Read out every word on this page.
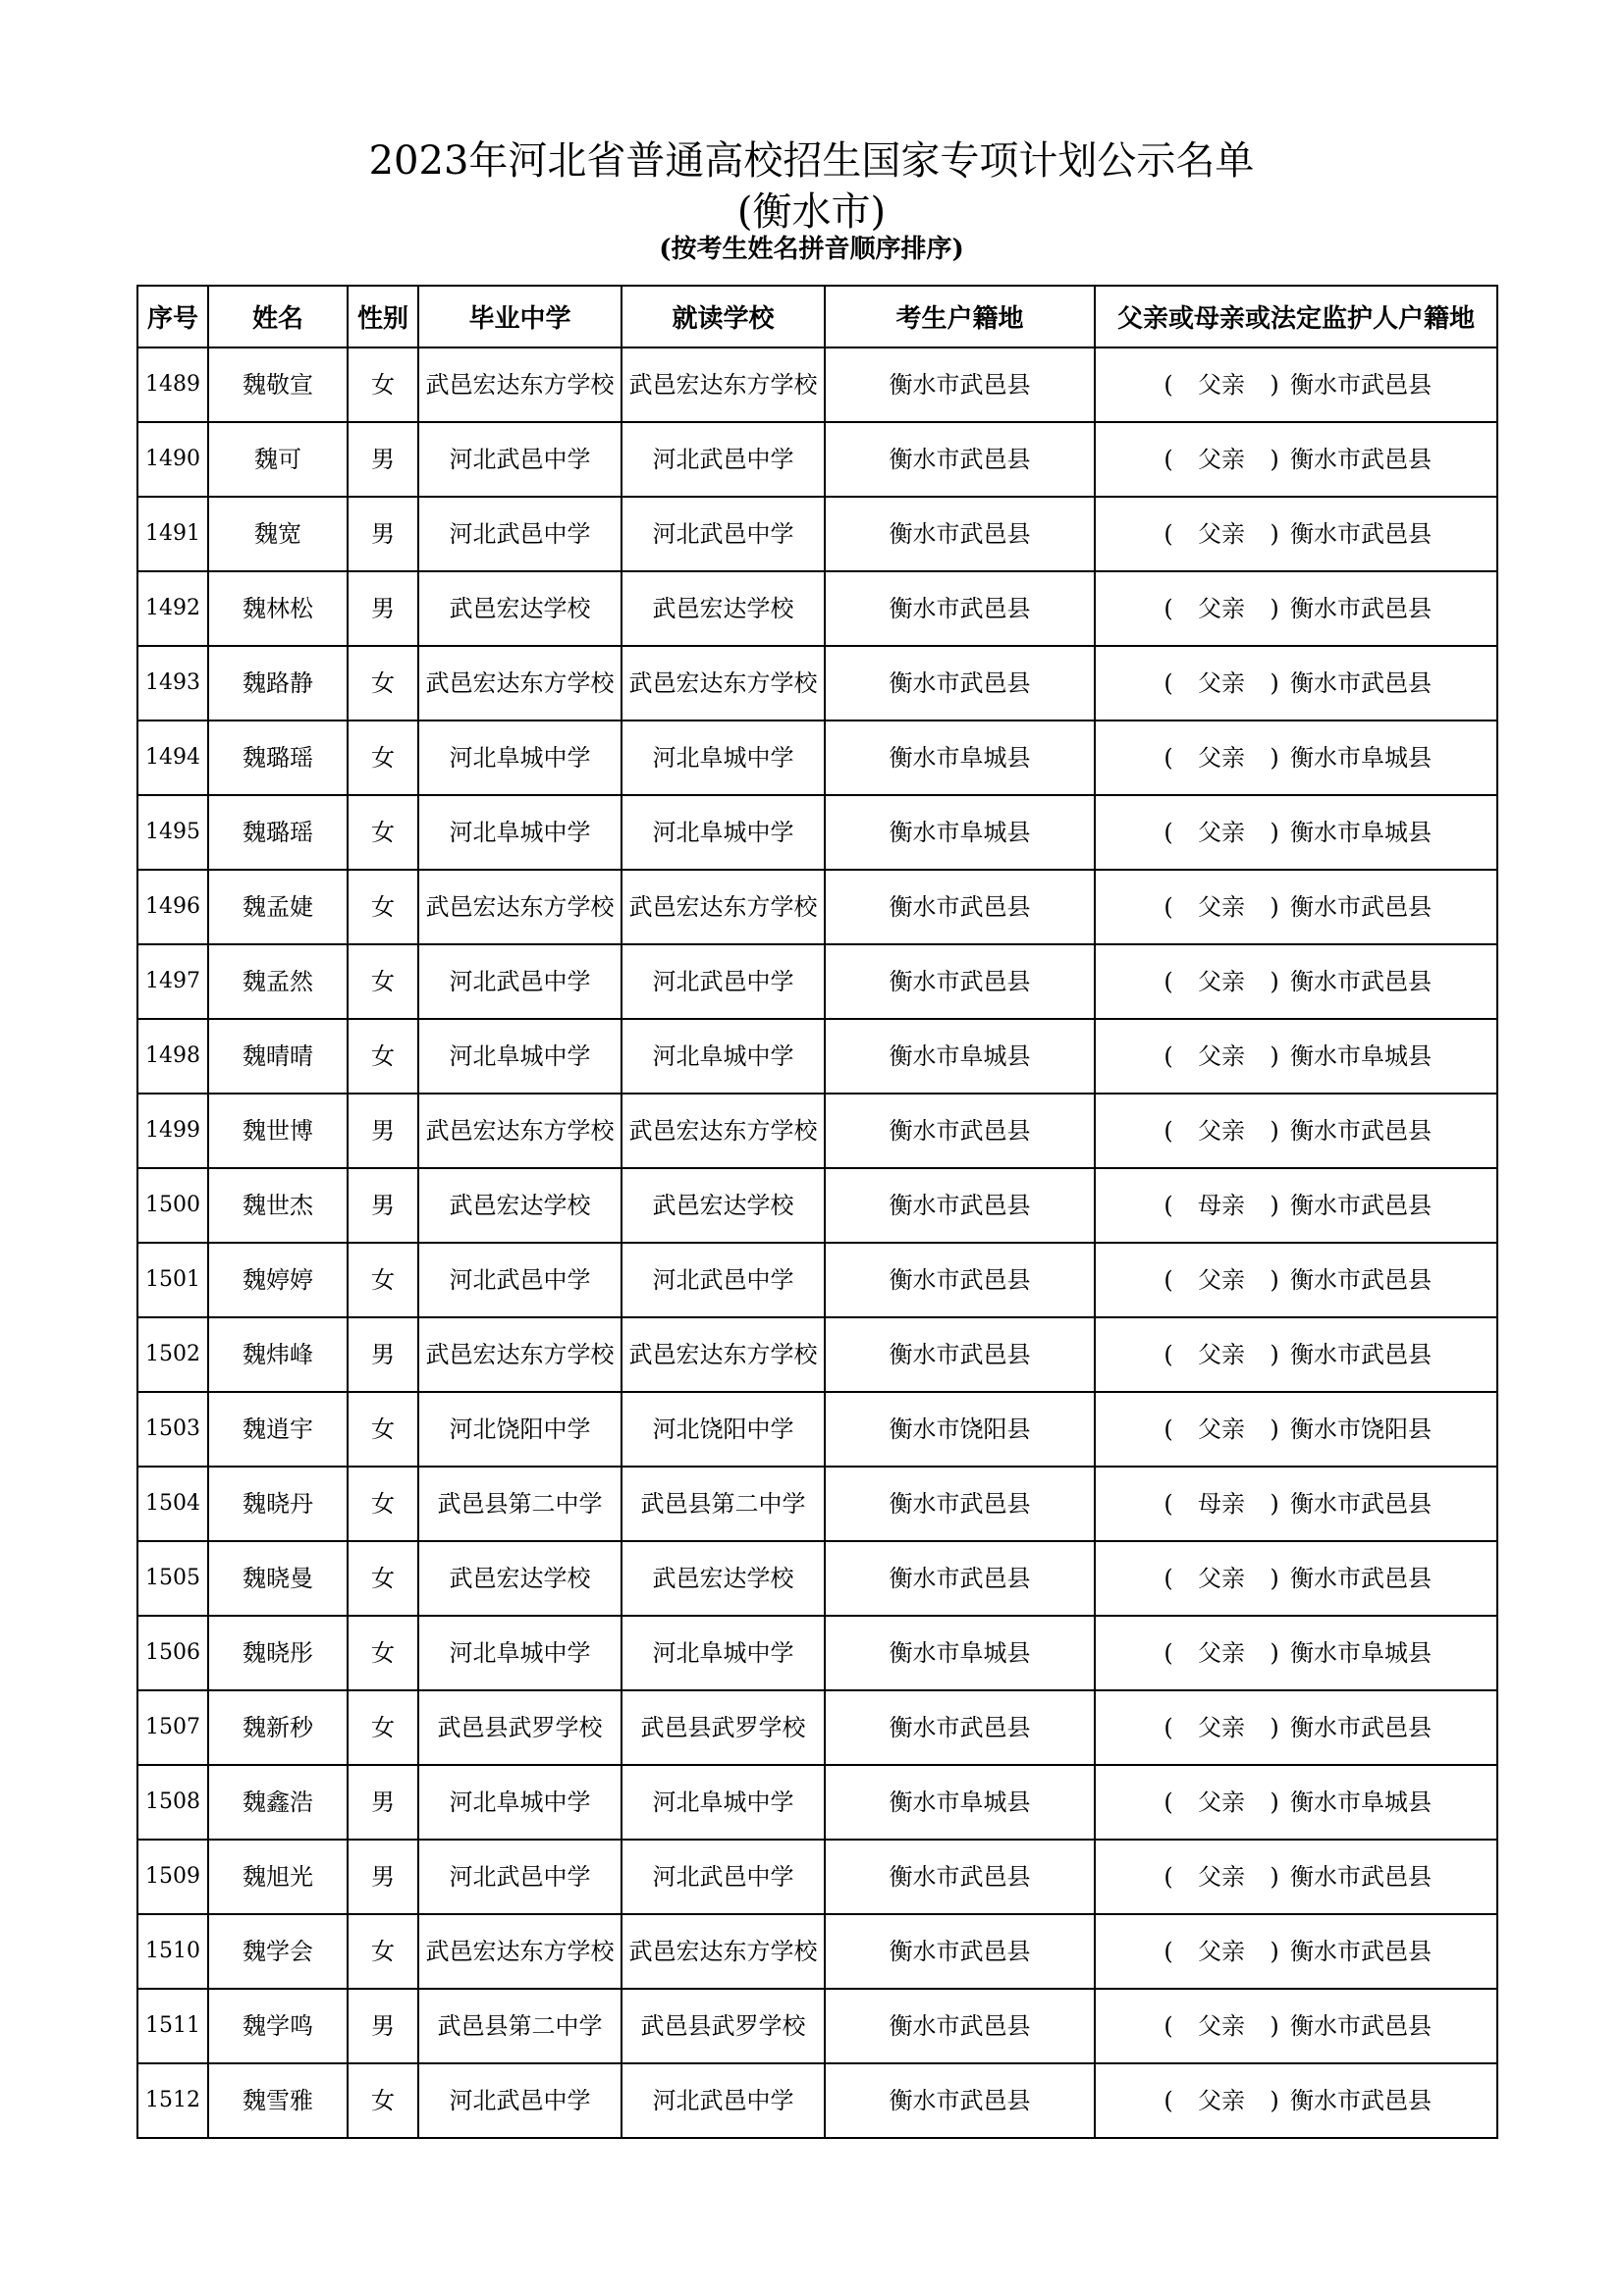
2023年河北省普通高校招生国家专项计划公示名单
(衡水市)
(按考生姓名拼音顺序排序)
序号	姓名	性别	毕业中学	就读学校	考生户籍地	父亲或母亲或法定监护人户籍地
1489	魏敬宣	女	武邑宏达东方学校	武邑宏达东方学校	衡水市武邑县	( 父亲 ) 衡水市武邑县
1490	魏可	男	河北武邑中学	河北武邑中学	衡水市武邑县	( 父亲 ) 衡水市武邑县
1491	魏宽	男	河北武邑中学	河北武邑中学	衡水市武邑县	( 父亲 ) 衡水市武邑县
1492	魏林松	男	武邑宏达学校	武邑宏达学校	衡水市武邑县	( 父亲 ) 衡水市武邑县
1493	魏路静	女	武邑宏达东方学校	武邑宏达东方学校	衡水市武邑县	( 父亲 ) 衡水市武邑县
1494	魏璐瑶	女	河北阜城中学	河北阜城中学	衡水市阜城县	( 父亲 ) 衡水市阜城县
1495	魏璐瑶	女	河北阜城中学	河北阜城中学	衡水市阜城县	( 父亲 ) 衡水市阜城县
1496	魏孟婕	女	武邑宏达东方学校	武邑宏达东方学校	衡水市武邑县	( 父亲 ) 衡水市武邑县
1497	魏孟然	女	河北武邑中学	河北武邑中学	衡水市武邑县	( 父亲 ) 衡水市武邑县
1498	魏晴晴	女	河北阜城中学	河北阜城中学	衡水市阜城县	( 父亲 ) 衡水市阜城县
1499	魏世博	男	武邑宏达东方学校	武邑宏达东方学校	衡水市武邑县	( 父亲 ) 衡水市武邑县
1500	魏世杰	男	武邑宏达学校	武邑宏达学校	衡水市武邑县	( 母亲 ) 衡水市武邑县
1501	魏婷婷	女	河北武邑中学	河北武邑中学	衡水市武邑县	( 父亲 ) 衡水市武邑县
1502	魏炜峰	男	武邑宏达东方学校	武邑宏达东方学校	衡水市武邑县	( 父亲 ) 衡水市武邑县
1503	魏逍宇	女	河北饶阳中学	河北饶阳中学	衡水市饶阳县	( 父亲 ) 衡水市饶阳县
1504	魏晓丹	女	武邑县第二中学	武邑县第二中学	衡水市武邑县	( 母亲 ) 衡水市武邑县
1505	魏晓曼	女	武邑宏达学校	武邑宏达学校	衡水市武邑县	( 父亲 ) 衡水市武邑县
1506	魏晓彤	女	河北阜城中学	河北阜城中学	衡水市阜城县	( 父亲 ) 衡水市阜城县
1507	魏新秒	女	武邑县武罗学校	武邑县武罗学校	衡水市武邑县	( 父亲 ) 衡水市武邑县
1508	魏鑫浩	男	河北阜城中学	河北阜城中学	衡水市阜城县	( 父亲 ) 衡水市阜城县
1509	魏旭光	男	河北武邑中学	河北武邑中学	衡水市武邑县	( 父亲 ) 衡水市武邑县
1510	魏学会	女	武邑宏达东方学校	武邑宏达东方学校	衡水市武邑县	( 父亲 ) 衡水市武邑县
1511	魏学鸣	男	武邑县第二中学	武邑县武罗学校	衡水市武邑县	( 父亲 ) 衡水市武邑县
1512	魏雪雅	女	河北武邑中学	河北武邑中学	衡水市武邑县	( 父亲 ) 衡水市武邑县
